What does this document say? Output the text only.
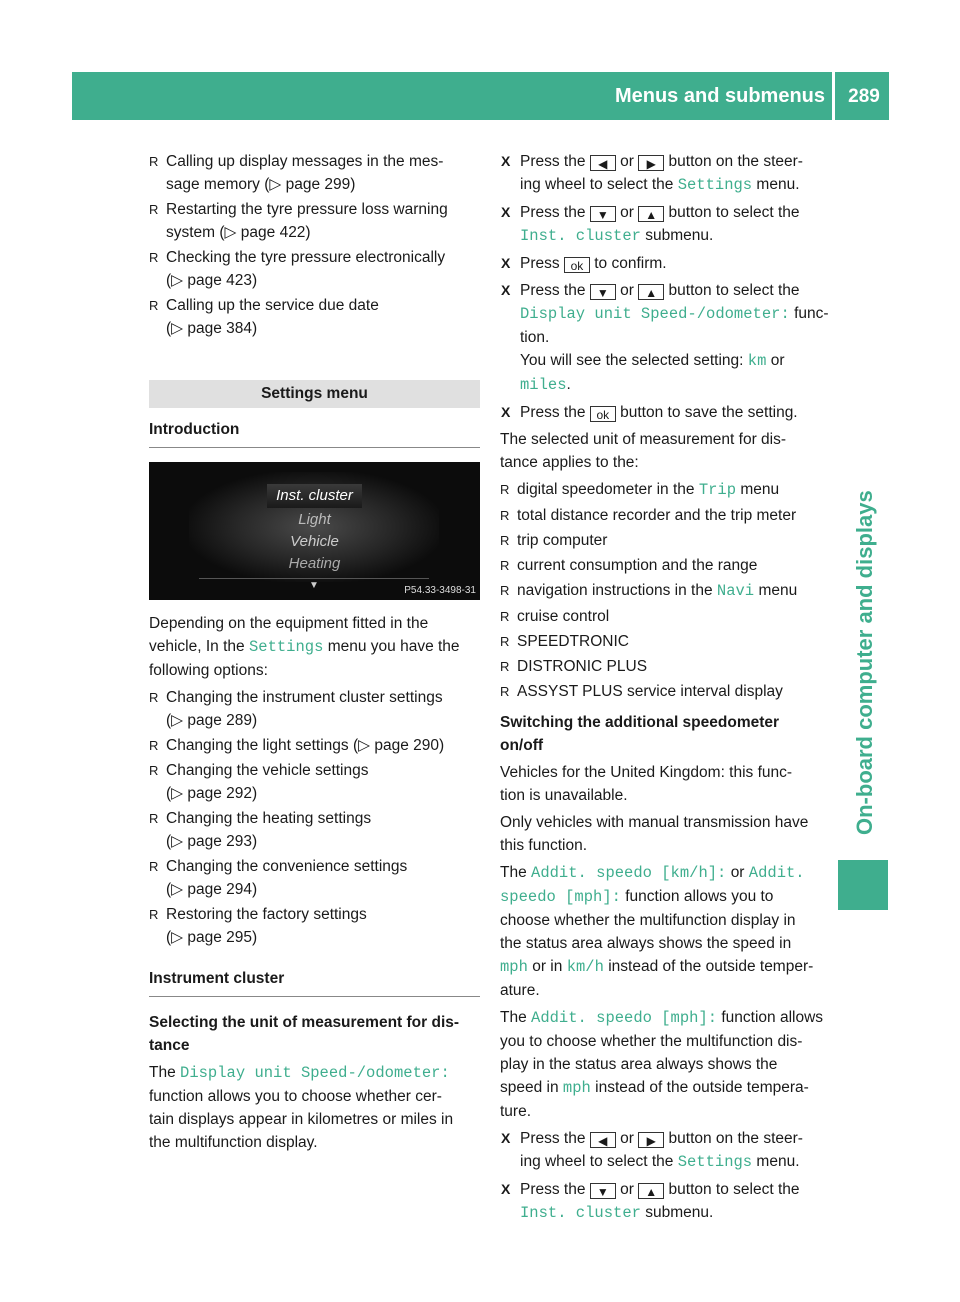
Menus and submenus	289
On-board computer and displays
R Calling up display messages in the mes-
sage memory (▷ page 299)
R Restarting the tyre pressure loss warning
system (▷ page 422)
R Checking the tyre pressure electronically
(▷ page 423)
R Calling up the service due date
(▷ page 384)
Settings menu
Introduction
Inst. cluster
Light
Vehicle
Heating
▼	P54.33-3498-31
Depending on the equipment fitted in the vehicle, In the Settings menu you have the following options:
R Changing the instrument cluster settings
(▷ page 289)
R Changing the light settings (▷ page 290)
R Changing the vehicle settings
(▷ page 292)
R Changing the heating settings
(▷ page 293)
R Changing the convenience settings
(▷ page 294)
R Restoring the factory settings
(▷ page 295)
Instrument cluster
Selecting the unit of measurement for dis-
tance
The Display unit Speed-/odometer:
function allows you to choose whether cer-
tain displays appear in kilometres or miles in
the multifunction display.
X Press the ◀ or ▶ button on the steer-
ing wheel to select the Settings menu.
X Press the ▼ or ▲ button to select the
Inst. cluster submenu.
X Press ok to confirm.
X Press the ▼ or ▲ button to select the
Display unit Speed-/odometer: func-
tion.
You will see the selected setting: km or
miles.
X Press the ok button to save the setting.
The selected unit of measurement for dis-
tance applies to the:
R digital speedometer in the Trip menu
R total distance recorder and the trip meter
R trip computer
R current consumption and the range
R navigation instructions in the Navi menu
R cruise control
R SPEEDTRONIC
R DISTRONIC PLUS
R ASSYST PLUS service interval display
Switching the additional speedometer
on/off
Vehicles for the United Kingdom: this func-
tion is unavailable.
Only vehicles with manual transmission have
this function.
The Addit. speedo [km/h]: or Addit.
speedo [mph]: function allows you to
choose whether the multifunction display in
the status area always shows the speed in
mph or in km/h instead of the outside temper-
ature.
The Addit. speedo [mph]: function allows
you to choose whether the multifunction dis-
play in the status area always shows the
speed in mph instead of the outside tempera-
ture.
X Press the ◀ or ▶ button on the steer-
ing wheel to select the Settings menu.
X Press the ▼ or ▲ button to select the
Inst. cluster submenu.
